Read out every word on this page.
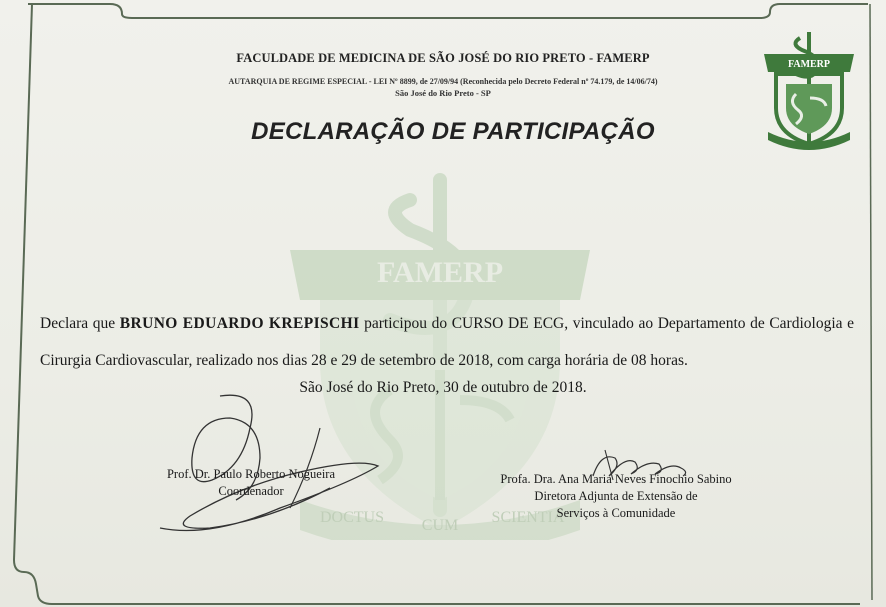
FAMERP
DOCTUS CUM SCIENTIA
FAMERP
FACULDADE DE MEDICINA DE SÃO JOSÉ DO RIO PRETO - FAMERP
AUTARQUIA DE REGIME ESPECIAL - LEI Nº 8899, de 27/09/94 (Reconhecida pelo Decreto Federal nº 74.179, de 14/06/74)
São José do Rio Preto - SP
DECLARAÇÃO DE PARTICIPAÇÃO
Declara que BRUNO EDUARDO KREPISCHI participou do CURSO DE ECG, vinculado ao Departamento de Cardiologia e Cirurgia Cardiovascular, realizado nos dias 28 e 29 de setembro de 2018, com carga horária de 08 horas.
São José do Rio Preto, 30 de outubro de 2018.
Prof. Dr. Paulo Roberto Nogueira
Coordenador
Profa. Dra. Ana Maria Neves Finochio Sabino
Diretora Adjunta de Extensão de
Serviços à Comunidade
